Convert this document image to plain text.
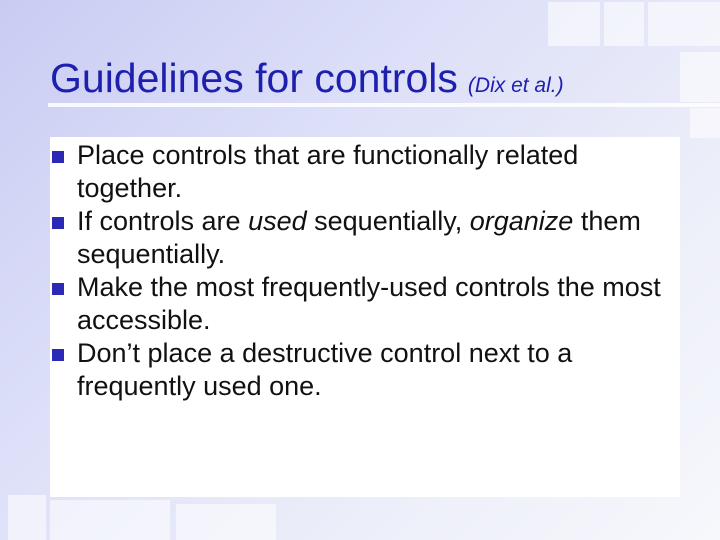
Guidelines for controls (Dix et al.)
Place controls that are functionally related together.
If controls are used sequentially, organize them sequentially.
Make the most frequently-used controls the most accessible.
Don’t place a destructive control next to a frequently used one.
